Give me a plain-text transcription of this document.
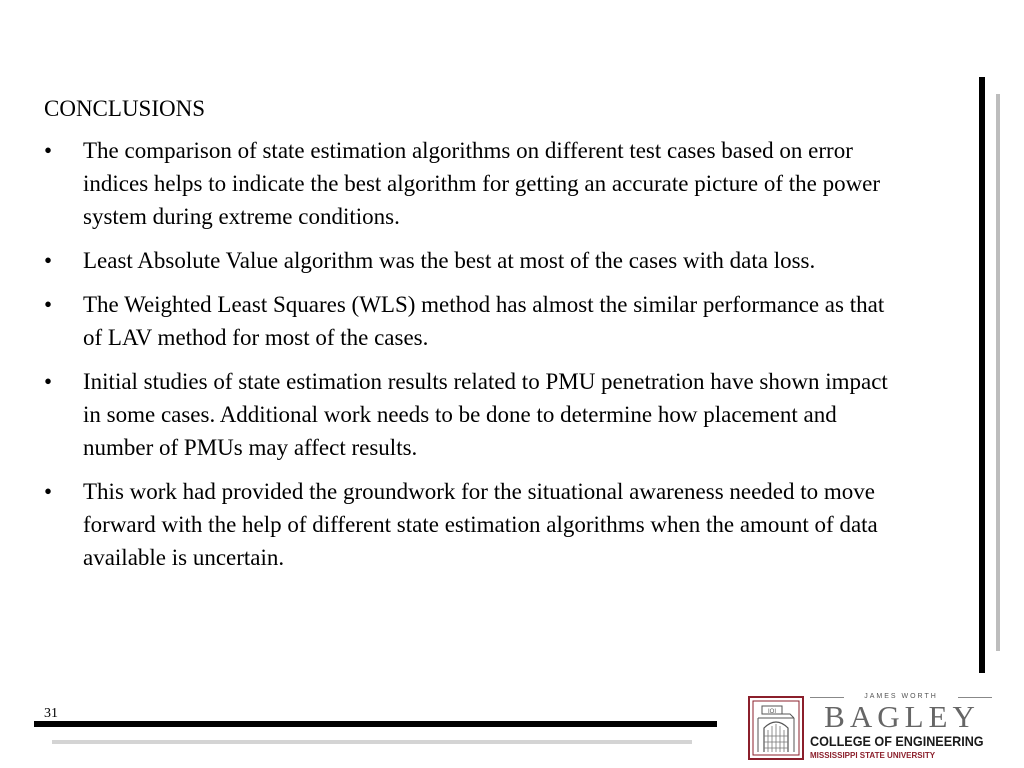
CONCLUSIONS
• The comparison of state estimation algorithms on different test cases based on error indices helps to indicate the best algorithm for getting an accurate picture of the power system during extreme conditions.
• Least Absolute Value algorithm was the best at most of the cases with data loss.
• The Weighted Least Squares (WLS) method has almost the similar performance as that of LAV method for most of the cases.
• Initial studies of state estimation results related to PMU penetration have shown impact in some cases. Additional work needs to be done to determine how placement and number of PMUs may affect results.
• This work had provided the groundwork for the situational awareness needed to move forward with the help of different state estimation algorithms when the amount of data available is uncertain.
31	IOI
JAMES WORTH
BAGLEY
COLLEGE OF ENGINEERING
MISSISSIPPI STATE UNIVERSITY
